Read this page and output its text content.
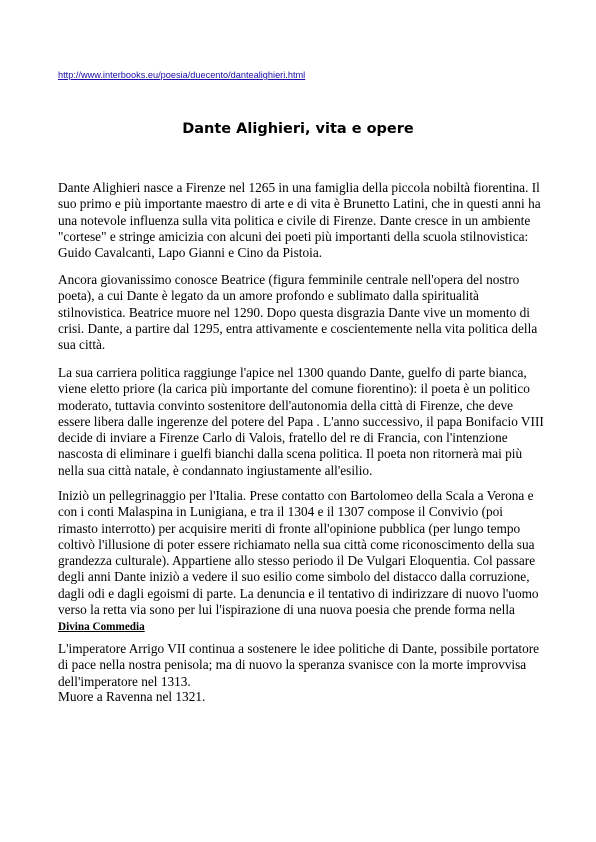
http://www.interbooks.eu/poesia/duecento/dantealighieri.html
Dante Alighieri, vita e opere

Dante Alighieri nasce a Firenze nel 1265 in una famiglia della piccola nobiltà fiorentina. Il suo primo e più importante maestro di arte e di vita è Brunetto Latini, che in questi anni ha una notevole influenza sulla vita politica e civile di Firenze. Dante cresce in un ambiente "cortese" e stringe amicizia con alcuni dei poeti più importanti della scuola stilnovistica: Guido Cavalcanti, Lapo Gianni e Cino da Pistoia.

Ancora giovanissimo conosce Beatrice (figura femminile centrale nell'opera del nostro poeta), a cui Dante è legato da un amore profondo e sublimato dalla spiritualità stilnovistica. Beatrice muore nel 1290. Dopo questa disgrazia Dante vive un momento di crisi. Dante, a partire dal 1295, entra attivamente e coscientemente nella vita politica della sua città.

La sua carriera politica raggiunge l'apice nel 1300 quando Dante, guelfo di parte bianca, viene eletto priore (la carica più importante del comune fiorentino): il poeta è un politico moderato, tuttavia convinto sostenitore dell'autonomia della città di Firenze, che deve essere libera dalle ingerenze del potere del Papa . L'anno successivo, il papa Bonifacio VIII decide di inviare a Firenze Carlo di Valois, fratello del re di Francia, con l'intenzione nascosta di eliminare i guelfi bianchi dalla scena politica. Il poeta non ritornerà mai più nella sua città natale, è condannato ingiustamente all'esilio.

Iniziò un pellegrinaggio per l'Italia. Prese contatto con Bartolomeo della Scala a Verona e con i conti Malaspina in Lunigiana, e tra il 1304 e il 1307 compose il Convivio (poi rimasto interrotto) per acquisire meriti di fronte all'opinione pubblica (per lungo tempo coltivò l'illusione di poter essere richiamato nella sua città come riconoscimento della sua grandezza culturale). Appartiene allo stesso periodo il De Vulgari Eloquentia. Col passare degli anni Dante iniziò a vedere il suo esilio come simbolo del distacco dalla corruzione, dagli odi e dagli egoismi di parte. La denuncia e il tentativo di indirizzare di nuovo l'uomo verso la retta via sono per lui l'ispirazione di una nuova poesia che prende forma nella Divina Commedia

L'imperatore Arrigo VII continua a sostenere le idee politiche di Dante, possibile portatore di pace nella nostra penisola; ma di nuovo la speranza svanisce con la morte improvvisa dell'imperatore nel 1313.

Muore a Ravenna nel 1321.
